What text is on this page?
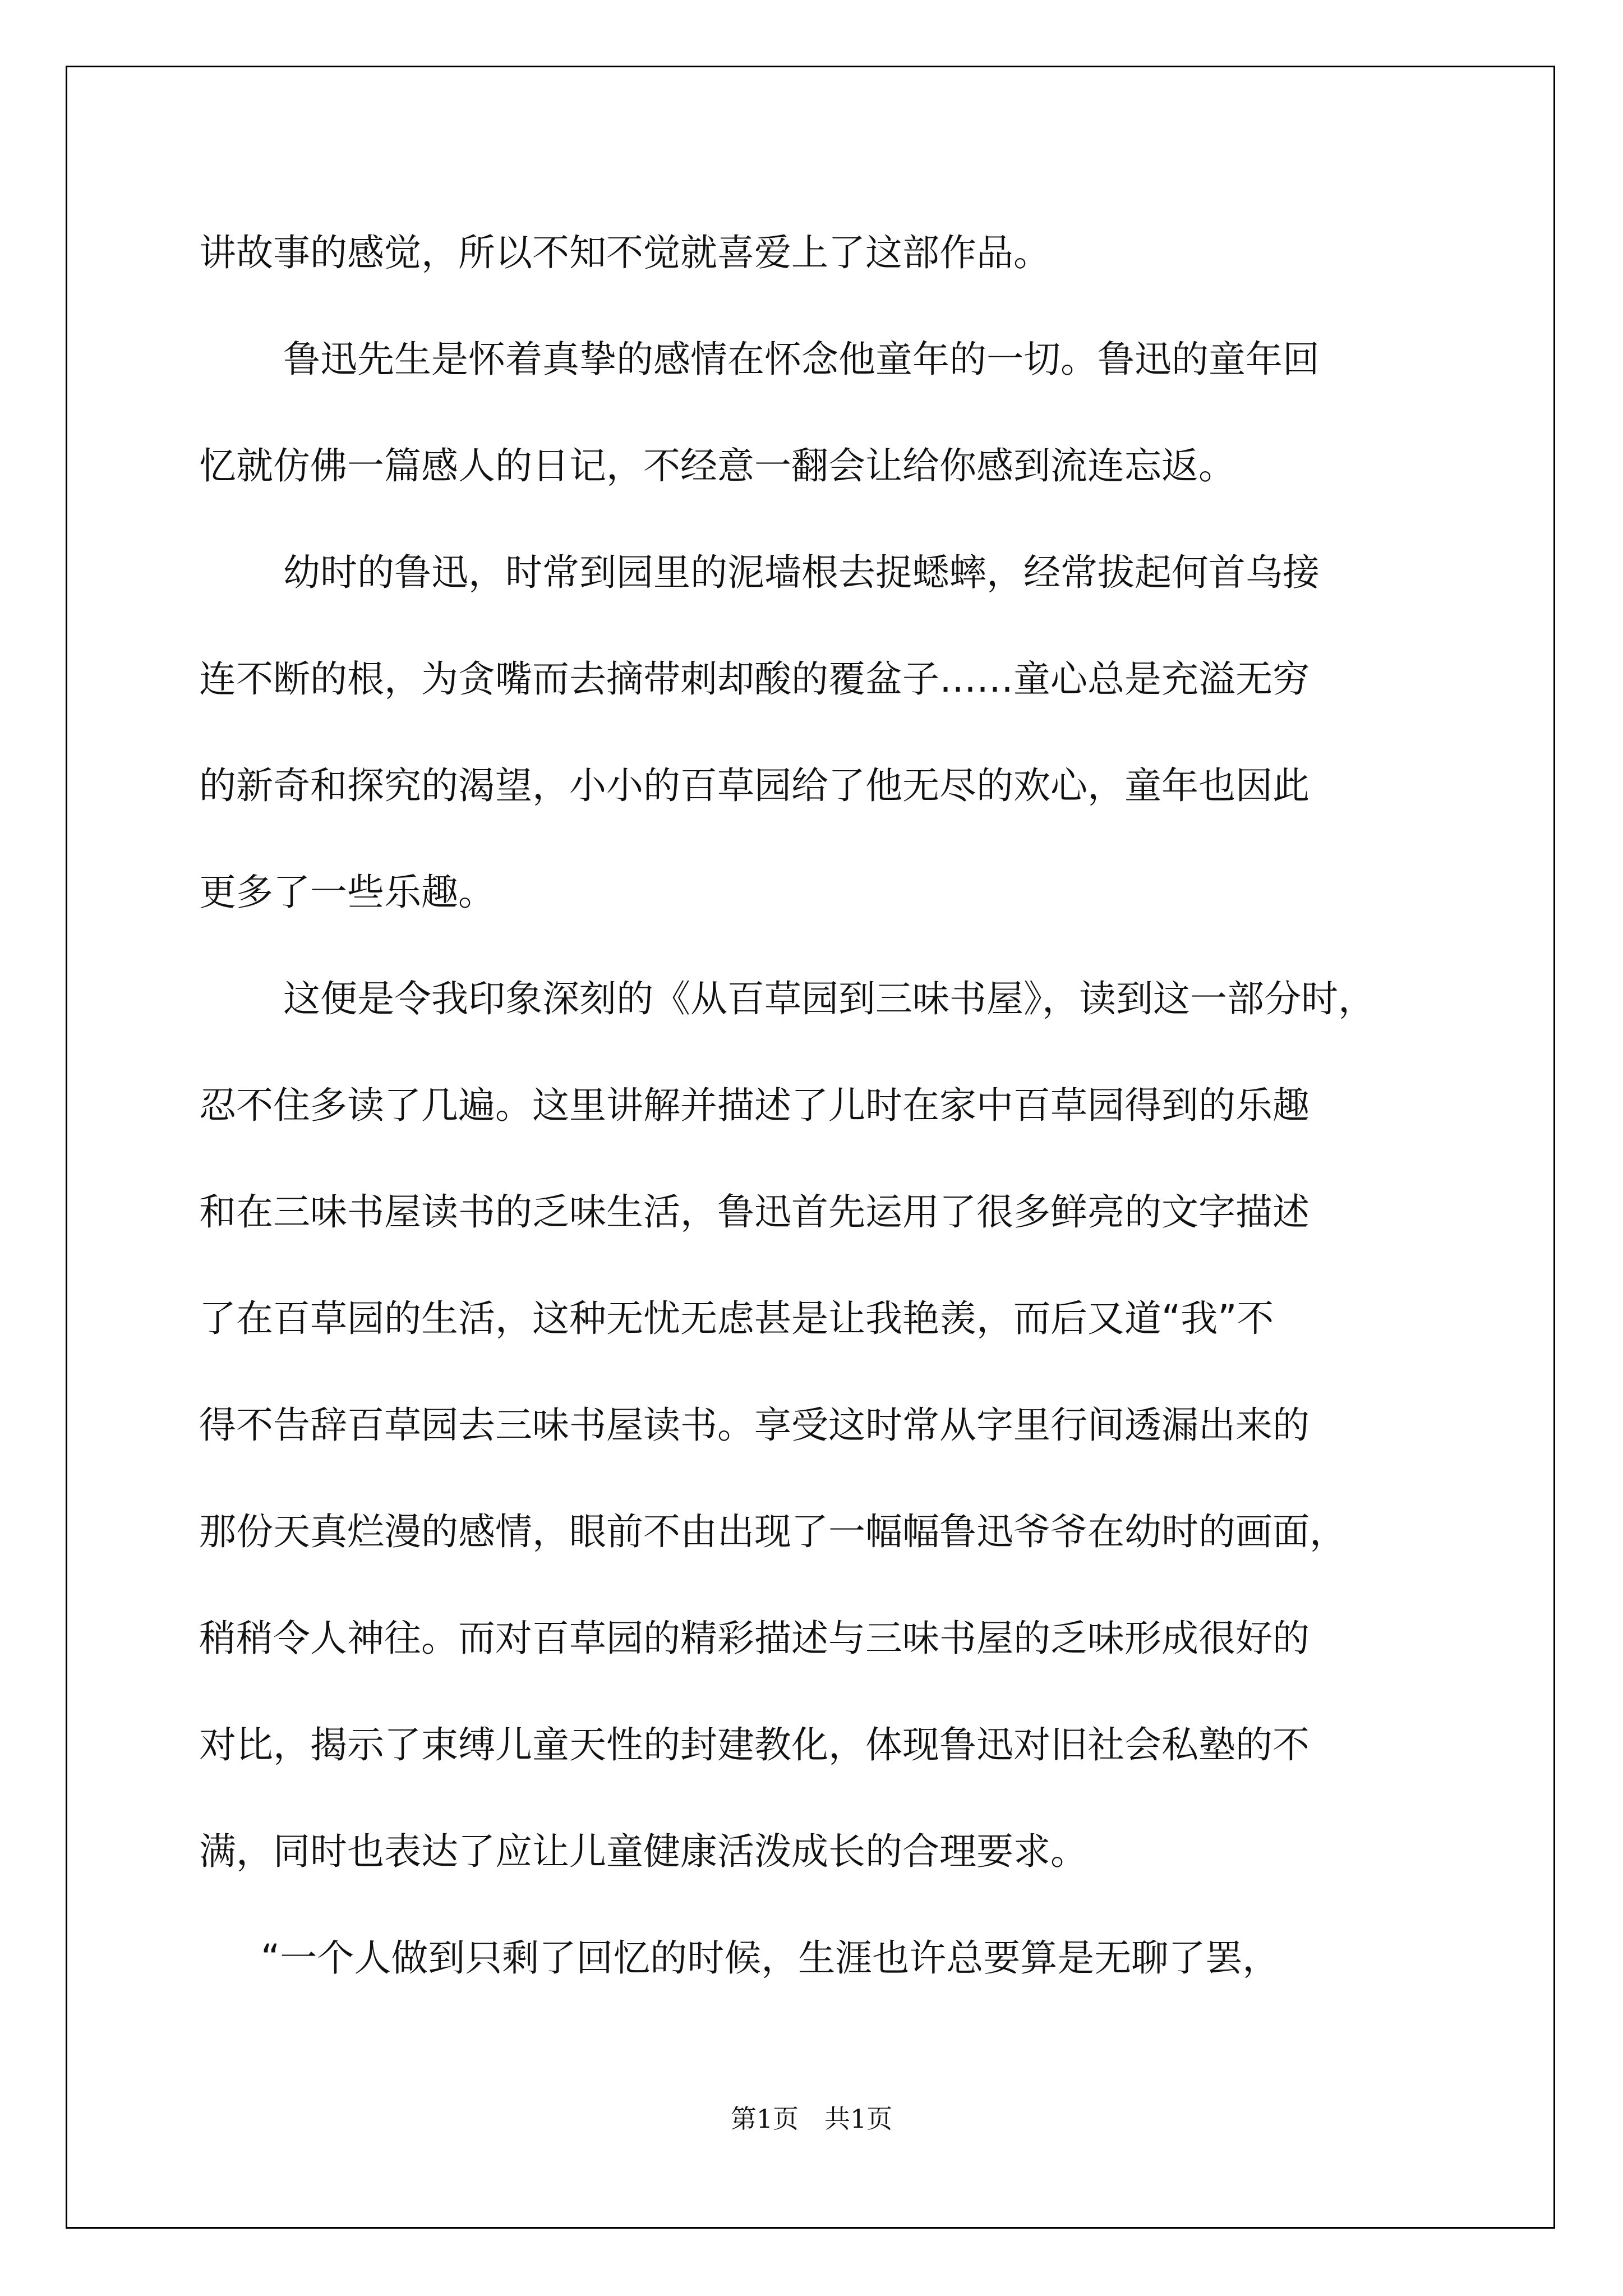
讲故事的感觉，所以不知不觉就喜爱上了这部作品。
鲁迅先生是怀着真挚的感情在怀念他童年的一切。鲁迅的童年回
忆就仿佛一篇感人的日记，不经意一翻会让给你感到流连忘返。
幼时的鲁迅，时常到园里的泥墙根去捉蟋蟀，经常拔起何首乌接
连不断的根，为贪嘴而去摘带刺却酸的覆盆子……童心总是充溢无穷
的新奇和探究的渴望，小小的百草园给了他无尽的欢心，童年也因此
更多了一些乐趣。
这便是令我印象深刻的《从百草园到三味书屋》，读到这一部分时，
忍不住多读了几遍。这里讲解并描述了儿时在家中百草园得到的乐趣
和在三味书屋读书的乏味生活，鲁迅首先运用了很多鲜亮的文字描述
了在百草园的生活，这种无忧无虑甚是让我艳羡，而后又道“我”不
得不告辞百草园去三味书屋读书。享受这时常从字里行间透漏出来的
那份天真烂漫的感情，眼前不由出现了一幅幅鲁迅爷爷在幼时的画面，
稍稍令人神往。而对百草园的精彩描述与三味书屋的乏味形成很好的
对比，揭示了束缚儿童天性的封建教化，体现鲁迅对旧社会私塾的不
满，同时也表达了应让儿童健康活泼成长的合理要求。
“一个人做到只剩了回忆的时候，生涯也许总要算是无聊了罢，
第1页　共1页
